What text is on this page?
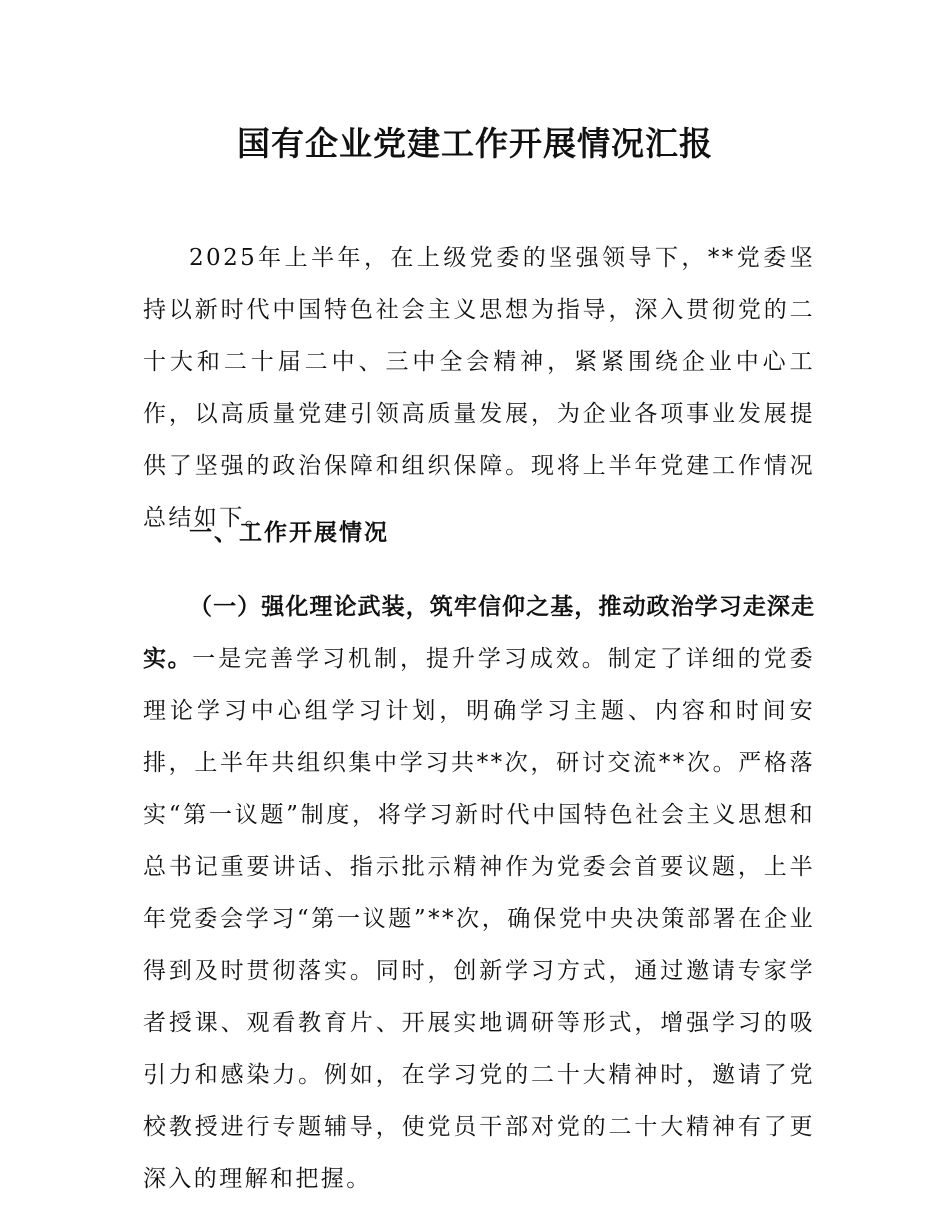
国有企业党建工作开展情况汇报

2025年上半年，在上级党委的坚强领导下，**党委坚持以新时代中国特色社会主义思想为指导，深入贯彻党的二十大和二十届二中、三中全会精神，紧紧围绕企业中心工作，以高质量党建引领高质量发展，为企业各项事业发展提供了坚强的政治保障和组织保障。现将上半年党建工作情况总结如下。

一、工作开展情况

（一）强化理论武装，筑牢信仰之基，推动政治学习走深走实。一是完善学习机制，提升学习成效。制定了详细的党委理论学习中心组学习计划，明确学习主题、内容和时间安排，上半年共组织集中学习共**次，研讨交流**次。严格落实“第一议题”制度，将学习新时代中国特色社会主义思想和总书记重要讲话、指示批示精神作为党委会首要议题，上半年党委会学习“第一议题”**次，确保党中央决策部署在企业得到及时贯彻落实。同时，创新学习方式，通过邀请专家学者授课、观看教育片、开展实地调研等形式，增强学习的吸引力和感染力。例如，在学习党的二十大精神时，邀请了党校教授进行专题辅导，使党员干部对党的二十大精神有了更深入的理解和把握。
